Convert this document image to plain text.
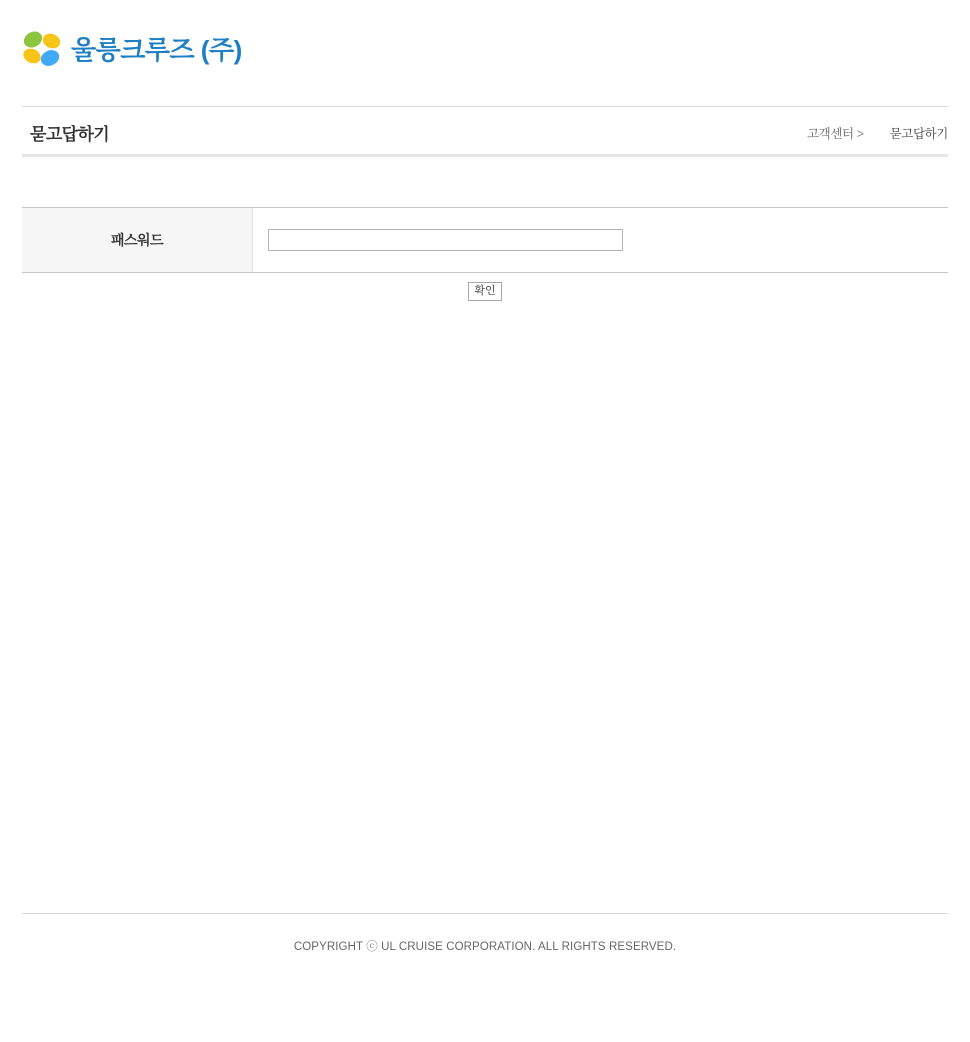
울릉크루즈 (주)
묻고답하기	고객센터 > 묻고답하기
패스워드
확인
COPYRIGHT ⓒ UL CRUISE CORPORATION. ALL RIGHTS RESERVED.
